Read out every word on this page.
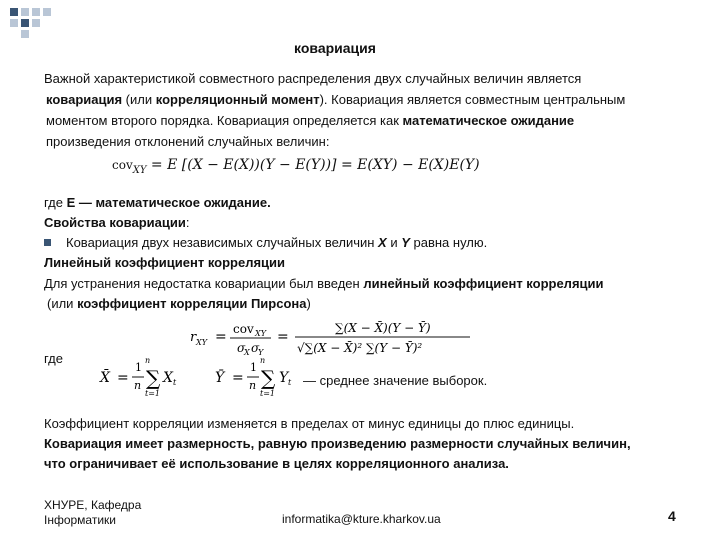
ковариация
Важной характеристикой совместного распределения двух случайных величин является
ковариация (или корреляционный момент). Ковариация является совместным центральным
моментом второго порядка. Ковариация определяется как математическое ожидание
произведения отклонений случайных величин:
cov$_{XY}$ = E [(X − E(X))(Y − E(Y))] = E(XY) − E(X)E(Y)
где E — математическое ожидание.
Свойства ковариации:
Ковариация двух независимых случайных величин X и Y равна нулю.
Линейный коэффициент корреляции
Для устранения недостатка ковариации был введен линейный коэффициент корреляции
(или коэффициент корреляции Пирсона)
r XY = cov XY
σ
X σ
Y
=
∑(X − X̄)(Y − Ȳ)
√∑(X − X̄)² ∑(Y − Ȳ)²
где
X̄ =
1
n
n
∑
t=1
X t	Ȳ =
1
n
n
∑
t=1
Y t — среднее значение выборок.
Коэффициент корреляции изменяется в пределах от минус единицы до плюс единицы.
Ковариация имеет размерность, равную произведению размерности случайных величин,
что ограничивает её использование в целях корреляционного анализа.
ХНУРЕ, Кафедра
Інформатики	informatika@kture.kharkov.ua	4
